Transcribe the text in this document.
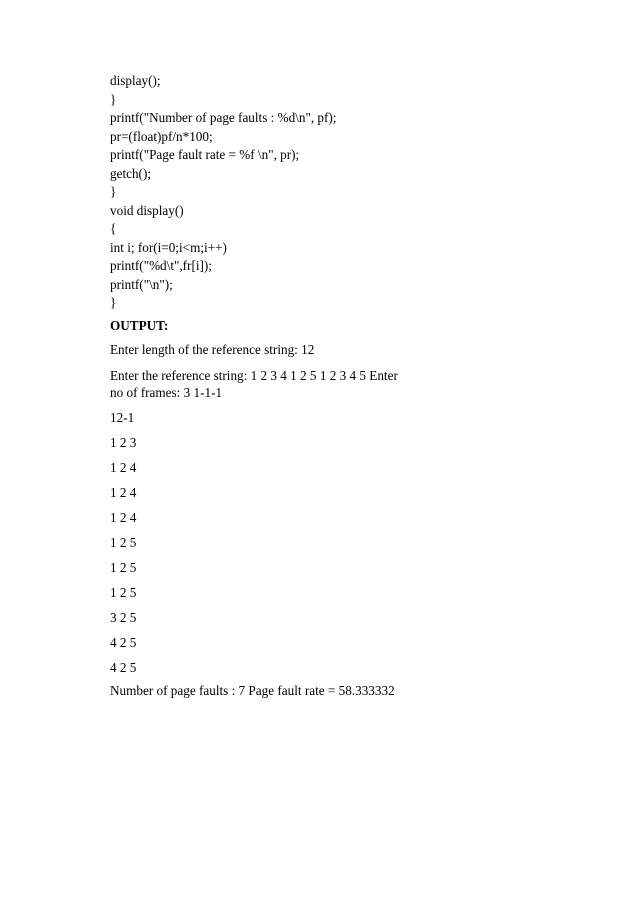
display();
}
printf("Number of page faults : %d\n", pf);
pr=(float)pf/n*100;
printf("Page fault rate = %f \n", pr);
getch();
}
void display()
{
int i; for(i=0;i<m;i++)
printf("%d\t",fr[i]);
printf("\n");
}
OUTPUT:
Enter length of the reference string: 12
Enter the reference string: 1 2 3 4 1 2 5 1 2 3 4 5 Enter no of frames: 3 1-1-1
12-1
1 2 3
1 2 4
1 2 4
1 2 4
1 2 5
1 2 5
1 2 5
3 2 5
4 2 5
4 2 5
Number of page faults : 7 Page fault rate = 58.333332
